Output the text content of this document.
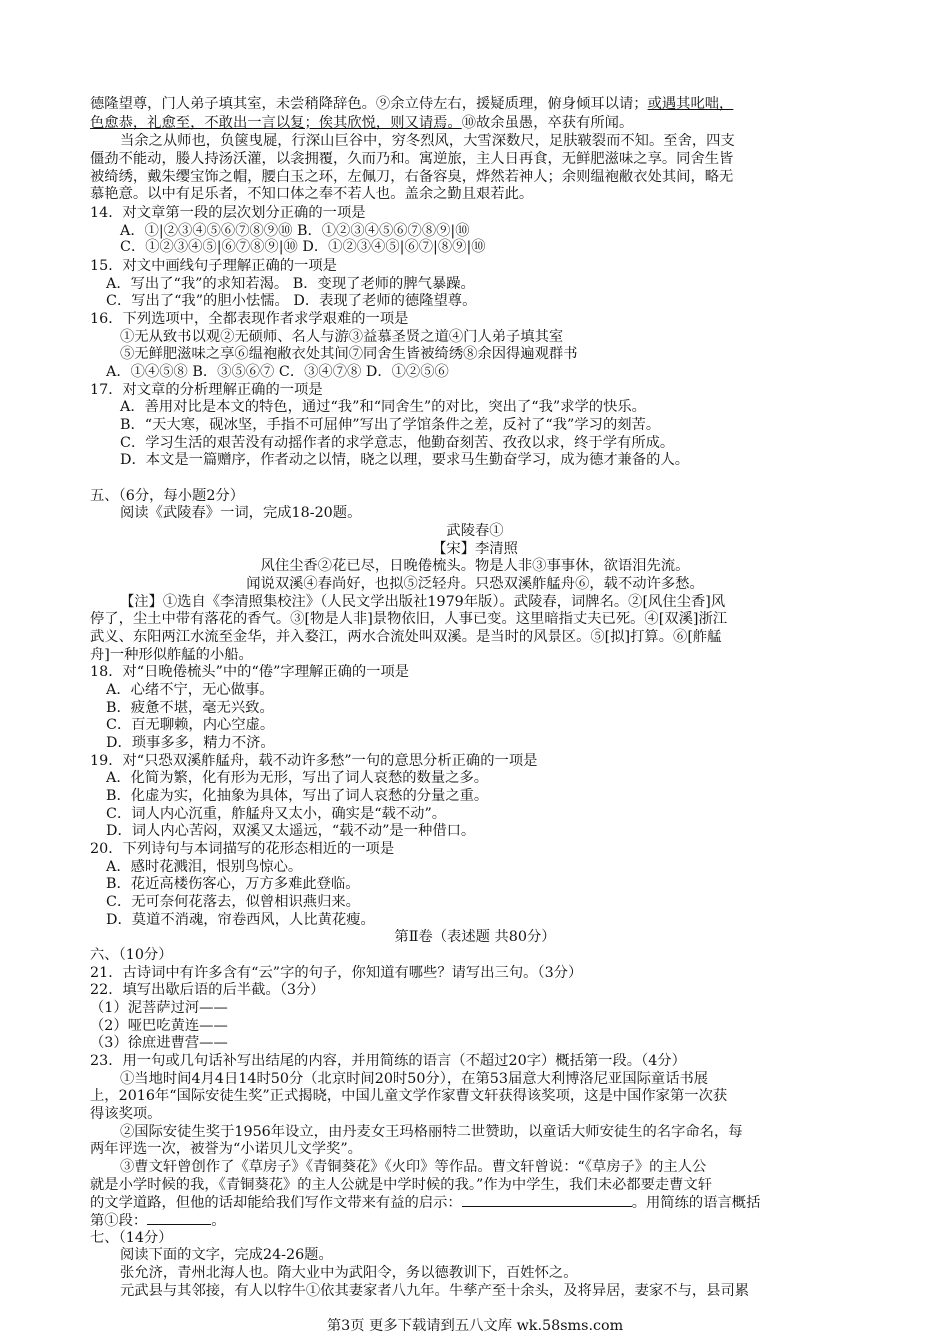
德隆望尊，门人弟子填其室，未尝稍降辞色。⑨余立侍左右，援疑质理，俯身倾耳以请；或遇其叱咄，
色愈恭，礼愈至，不敢出一言以复；俟其欣悦，则又请焉。⑩故余虽愚，卒获有所闻。
当余之从师也，负箧曳屣，行深山巨谷中，穷冬烈风，大雪深数尺，足肤皲裂而不知。至舍，四支
僵劲不能动，媵人持汤沃灌，以衾拥覆，久而乃和。寓逆旅，主人日再食，无鲜肥滋味之享。同舍生皆
被绮绣，戴朱缨宝饰之帽，腰白玉之环，左佩刀，右备容臭，烨然若神人；余则缊袍敝衣处其间，略无
慕艳意。以中有足乐者，不知口体之奉不若人也。盖余之勤且艰若此。
14．对文章第一段的层次划分正确的一项是
A．①|②③④⑤⑥⑦⑧⑨⑩ B．①②③④⑤⑥⑦⑧⑨|⑩
C．①②③④⑤|⑥⑦⑧⑨|⑩ D．①②③④⑤|⑥⑦|⑧⑨|⑩
15．对文中画线句子理解正确的一项是
A．写出了“我”的求知若渴。 B．变现了老师的脾气暴躁。
C．写出了“我”的胆小怯懦。 D．表现了老师的德隆望尊。
16．下列选项中，全都表现作者求学艰难的一项是
①无从致书以观②无硕师、名人与游③益慕圣贤之道④门人弟子填其室
⑤无鲜肥滋味之享⑥缊袍敝衣处其间⑦同舍生皆被绮绣⑧余因得遍观群书
A．①④⑤⑧ B．③⑤⑥⑦ C．③④⑦⑧ D．①②⑤⑥
17．对文章的分析理解正确的一项是
A．善用对比是本文的特色，通过“我”和“同舍生”的对比，突出了“我”求学的快乐。
B．“天大寒，砚冰坚，手指不可屈伸”写出了学馆条件之差，反衬了“我”学习的刻苦。
C．学习生活的艰苦没有动摇作者的求学意志，他勤奋刻苦、孜孜以求，终于学有所成。
D．本文是一篇赠序，作者动之以情，晓之以理，要求马生勤奋学习，成为德才兼备的人。
五、（6分，每小题2分）
阅读《武陵春》一词，完成18-20题。
武陵春①
【宋】李清照
风住尘香②花已尽，日晚倦梳头。物是人非③事事休，欲语泪先流。
闻说双溪④春尚好，也拟⑤泛轻舟。只恐双溪舴艋舟⑥，载不动许多愁。
【注】①选自《李清照集校注》（人民文学出版社1979年版）。武陵春，词牌名。②[风住尘香]风
停了，尘土中带有落花的香气。③[物是人非]景物依旧，人事已变。这里暗指丈夫已死。④[双溪]浙江
武义、东阳两江水流至金华，并入婺江，两水合流处叫双溪。是当时的风景区。⑤[拟]打算。⑥[舴艋
舟]一种形似舴艋的小船。
18．对“日晚倦梳头”中的“倦”字理解正确的一项是
A．心绪不宁，无心做事。
B．疲惫不堪，毫无兴致。
C．百无聊赖，内心空虚。
D．琐事多多，精力不济。
19．对“只恐双溪舴艋舟，载不动许多愁”一句的意思分析正确的一项是
A．化简为繁，化有形为无形，写出了词人哀愁的数量之多。
B．化虚为实，化抽象为具体，写出了词人哀愁的分量之重。
C．词人内心沉重，舴艋舟又太小，确实是“载不动”。
D．词人内心苦闷，双溪又太遥远，“载不动”是一种借口。
20．下列诗句与本词描写的花形态相近的一项是
A．感时花溅泪，恨别鸟惊心。
B．花近高楼伤客心，万方多难此登临。
C．无可奈何花落去，似曾相识燕归来。
D．莫道不消魂，帘卷西风，人比黄花瘦。
第Ⅱ卷（表述题 共80分）
六、（10分）
21．古诗词中有许多含有“云”字的句子，你知道有哪些？请写出三句。（3分）
22．填写出歇后语的后半截。（3分）
（1）泥菩萨过河——
（2）哑巴吃黄连——
（3）徐庶进曹营——
23．用一句或几句话补写出结尾的内容，并用简练的语言（不超过20字）概括第一段。（4分）
①当地时间4月4日14时50分（北京时间20时50分），在第53届意大利博洛尼亚国际童话书展
上，2016年“国际安徒生奖”正式揭晓，中国儿童文学作家曹文轩获得该奖项，这是中国作家第一次获
得该奖项。
②国际安徒生奖于1956年设立，由丹麦女王玛格丽特二世赞助，以童话大师安徒生的名字命名，每
两年评选一次，被誉为“小诺贝儿文学奖”。
③曹文轩曾创作了《草房子》《青铜葵花》《火印》等作品。曹文轩曾说：“《草房子》的主人公
就是小学时候的我，《青铜葵花》的主人公就是中学时候的我。”作为中学生，我们未必都要走曹文轩
的文学道路，但他的话却能给我们写作文带来有益的启示：	。用简练的语言概括
第①段：	。
七、（14分）
阅读下面的文字，完成24-26题。
张允济，青州北海人也。隋大业中为武阳令，务以德教训下，百姓怀之。
元武县与其邻接，有人以牸牛①依其妻家者八九年。牛孳产至十余头，及将异居，妻家不与，县司累
第3页 更多下载请到五八文库 wk.58sms.com
